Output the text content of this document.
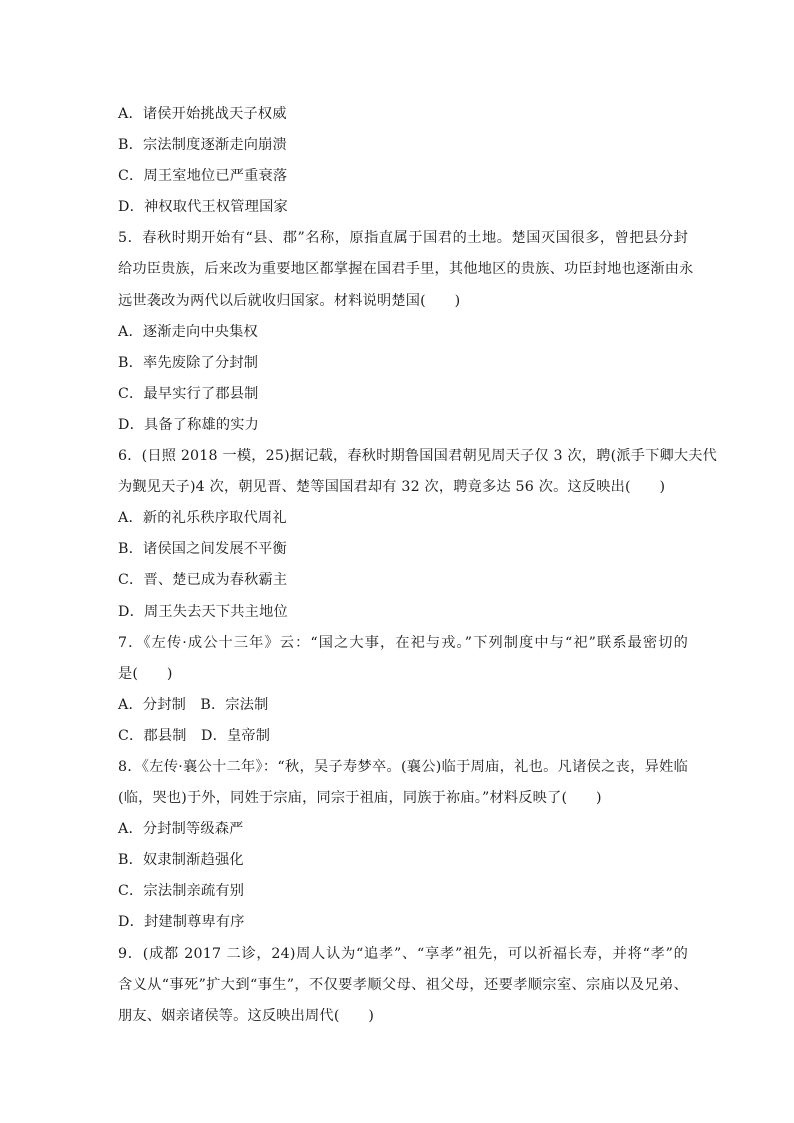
A．诸侯开始挑战天子权威
B．宗法制度逐渐走向崩溃
C．周王室地位已严重衰落
D．神权取代王权管理国家
5．春秋时期开始有“县、郡”名称，原指直属于国君的土地。楚国灭国很多，曾把县分封
给功臣贵族，后来改为重要地区都掌握在国君手里，其他地区的贵族、功臣封地也逐渐由永
远世袭改为两代以后就收归国家。材料说明楚国(　　)
A．逐渐走向中央集权
B．率先废除了分封制
C．最早实行了郡县制
D．具备了称雄的实力
6．(日照 2018 一模，25)据记载，春秋时期鲁国国君朝见周天子仅 3 次，聘(派手下卿大夫代
为觐见天子)4 次，朝见晋、楚等国国君却有 32 次，聘竟多达 56 次。这反映出(　　)
A．新的礼乐秩序取代周礼
B．诸侯国之间发展不平衡
C．晋、楚已成为春秋霸主
D．周王失去天下共主地位
7．《左传·成公十三年》云：“国之大事，在祀与戎。”下列制度中与“祀”联系最密切的
是(　　)
A．分封制　B．宗法制
C．郡县制　D．皇帝制
8．《左传·襄公十二年》：“秋，吴子寿梦卒。(襄公)临于周庙，礼也。凡诸侯之丧，异姓临
(临，哭也)于外，同姓于宗庙，同宗于祖庙，同族于祢庙。”材料反映了(　　)
A．分封制等级森严
B．奴隶制渐趋强化
C．宗法制亲疏有别
D．封建制尊卑有序
9．(成都 2017 二诊，24)周人认为“追孝”、“享孝”祖先，可以祈福长寿，并将“孝”的
含义从“事死”扩大到“事生”，不仅要孝顺父母、祖父母，还要孝顺宗室、宗庙以及兄弟、
朋友、姻亲诸侯等。这反映出周代(　　)
